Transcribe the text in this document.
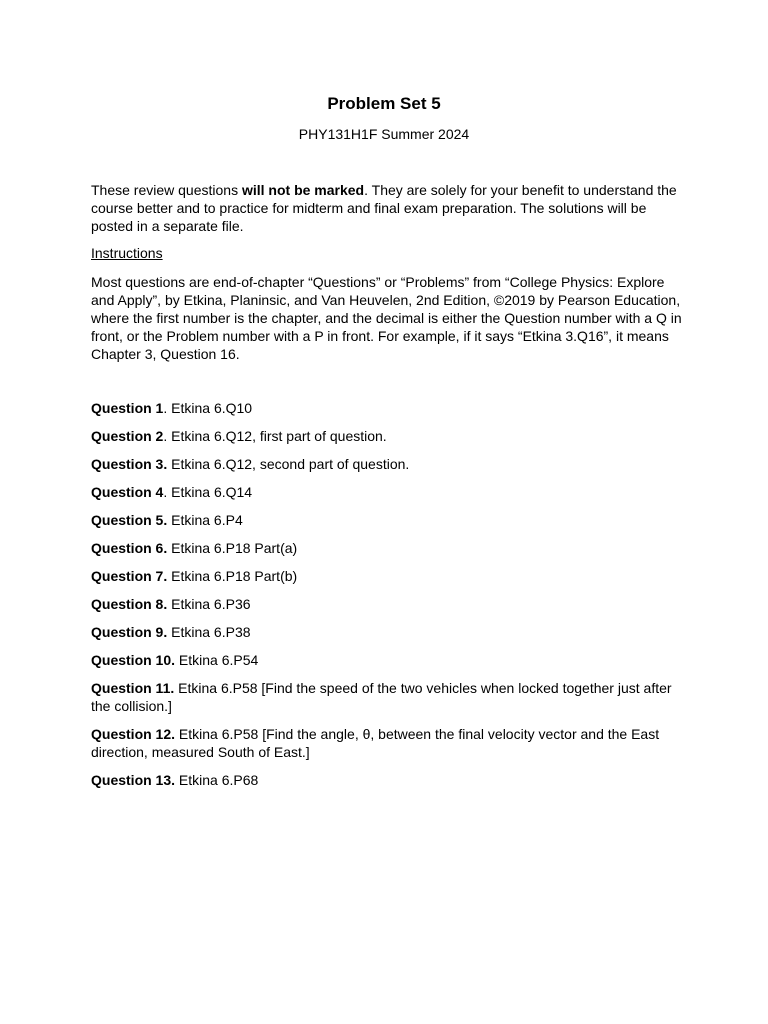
Problem Set 5
PHY131H1F Summer 2024
These review questions will not be marked. They are solely for your benefit to understand the course better and to practice for midterm and final exam preparation. The solutions will be posted in a separate file.
Instructions
Most questions are end-of-chapter “Questions” or “Problems” from “College Physics: Explore and Apply”, by Etkina, Planinsic, and Van Heuvelen, 2nd Edition, ©2019 by Pearson Education, where the first number is the chapter, and the decimal is either the Question number with a Q in front, or the Problem number with a P in front. For example, if it says “Etkina 3.Q16”, it means Chapter 3, Question 16.
Question 1. Etkina 6.Q10
Question 2. Etkina 6.Q12, first part of question.
Question 3. Etkina 6.Q12, second part of question.
Question 4. Etkina 6.Q14
Question 5. Etkina 6.P4
Question 6. Etkina 6.P18 Part(a)
Question 7. Etkina 6.P18 Part(b)
Question 8. Etkina 6.P36
Question 9. Etkina 6.P38
Question 10. Etkina 6.P54
Question 11. Etkina 6.P58 [Find the speed of the two vehicles when locked together just after the collision.]
Question 12. Etkina 6.P58 [Find the angle, θ, between the final velocity vector and the East direction, measured South of East.]
Question 13. Etkina 6.P68
